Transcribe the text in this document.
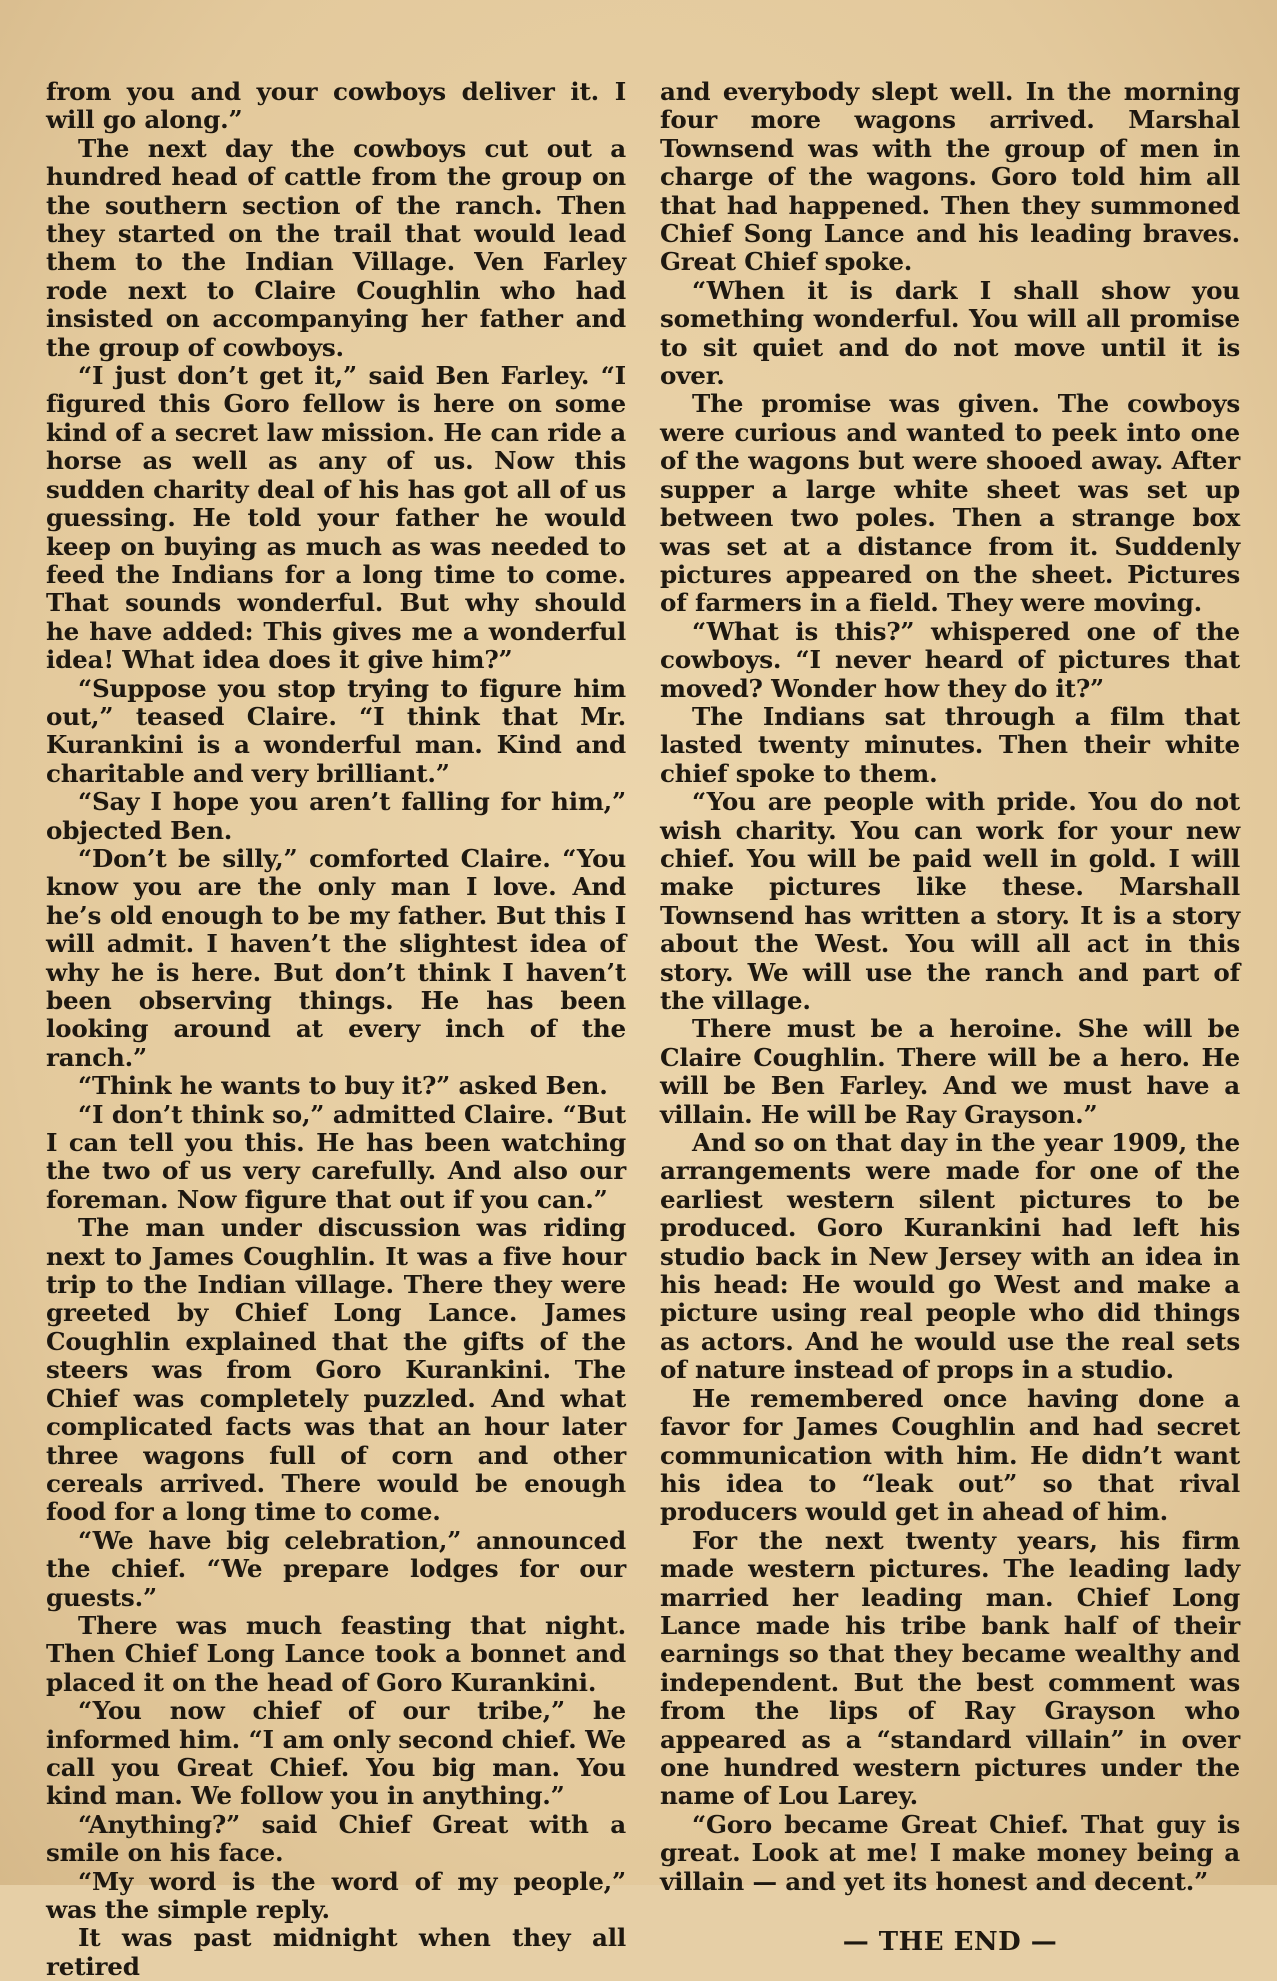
from you and your cowboys deliver it. I will go along.”

The next day the cowboys cut out a hundred head of cattle from the group on the southern section of the ranch. Then they started on the trail that would lead them to the Indian Village. Ven Farley rode next to Claire Coughlin who had insisted on accompanying her father and the group of cowboys.

“I just don’t get it,” said Ben Farley. “I figured this Goro fellow is here on some kind of a secret law mission. He can ride a horse as well as any of us. Now this sudden charity deal of his has got all of us guessing. He told your father he would keep on buying as much as was needed to feed the Indians for a long time to come. That sounds wonderful. But why should he have added: This gives me a wonderful idea! What idea does it give him?”

“Suppose you stop trying to figure him out,” teased Claire. “I think that Mr. Kurankini is a wonderful man. Kind and charitable and very brilliant.”

“Say I hope you aren’t falling for him,” objected Ben.

“Don’t be silly,” comforted Claire. “You know you are the only man I love. And he’s old enough to be my father. But this I will admit. I haven’t the slightest idea of why he is here. But don’t think I haven’t been observing things. He has been looking around at every inch of the ranch.”

“Think he wants to buy it?” asked Ben.

“I don’t think so,” admitted Claire. “But I can tell you this. He has been watching the two of us very carefully. And also our foreman. Now figure that out if you can.”

The man under discussion was riding next to James Coughlin. It was a five hour trip to the Indian village. There they were greeted by Chief Long Lance. James Coughlin explained that the gifts of the steers was from Goro Kurankini. The Chief was completely puzzled. And what complicated facts was that an hour later three wagons full of corn and other cereals arrived. There would be enough food for a long time to come.

“We have big celebration,” announced the chief. “We prepare lodges for our guests.”

There was much feasting that night. Then Chief Long Lance took a bonnet and placed it on the head of Goro Kurankini.

“You now chief of our tribe,” he informed him. “I am only second chief. We call you Great Chief. You big man. You kind man. We follow you in anything.”

“Anything?” said Chief Great with a smile on his face.

“My word is the word of my people,” was the simple reply.

It was past midnight when they all retired

and everybody slept well. In the morning four more wagons arrived. Marshal Townsend was with the group of men in charge of the wagons. Goro told him all that had happened. Then they summoned Chief Song Lance and his leading braves. Great Chief spoke.

“When it is dark I shall show you something wonderful. You will all promise to sit quiet and do not move until it is over.

The promise was given. The cowboys were curious and wanted to peek into one of the wagons but were shooed away. After supper a large white sheet was set up between two poles. Then a strange box was set at a distance from it. Suddenly pictures appeared on the sheet. Pictures of farmers in a field. They were moving.

“What is this?” whispered one of the cowboys. “I never heard of pictures that moved? Wonder how they do it?”

The Indians sat through a film that lasted twenty minutes. Then their white chief spoke to them.

“You are people with pride. You do not wish charity. You can work for your new chief. You will be paid well in gold. I will make pictures like these. Marshall Townsend has written a story. It is a story about the West. You will all act in this story. We will use the ranch and part of the village.

There must be a heroine. She will be Claire Coughlin. There will be a hero. He will be Ben Farley. And we must have a villain. He will be Ray Grayson.”

And so on that day in the year 1909, the arrangements were made for one of the earliest western silent pictures to be produced. Goro Kurankini had left his studio back in New Jersey with an idea in his head: He would go West and make a picture using real people who did things as actors. And he would use the real sets of nature instead of props in a studio.

He remembered once having done a favor for James Coughlin and had secret communication with him. He didn’t want his idea to “leak out” so that rival producers would get in ahead of him.

For the next twenty years, his firm made western pictures. The leading lady married her leading man. Chief Long Lance made his tribe bank half of their earnings so that they became wealthy and independent. But the best comment was from the lips of Ray Grayson who appeared as a “standard villain” in over one hundred western pictures under the name of Lou Larey.

“Goro became Great Chief. That guy is great. Look at me! I make money being a villain — and yet its honest and decent.”

— THE END —
